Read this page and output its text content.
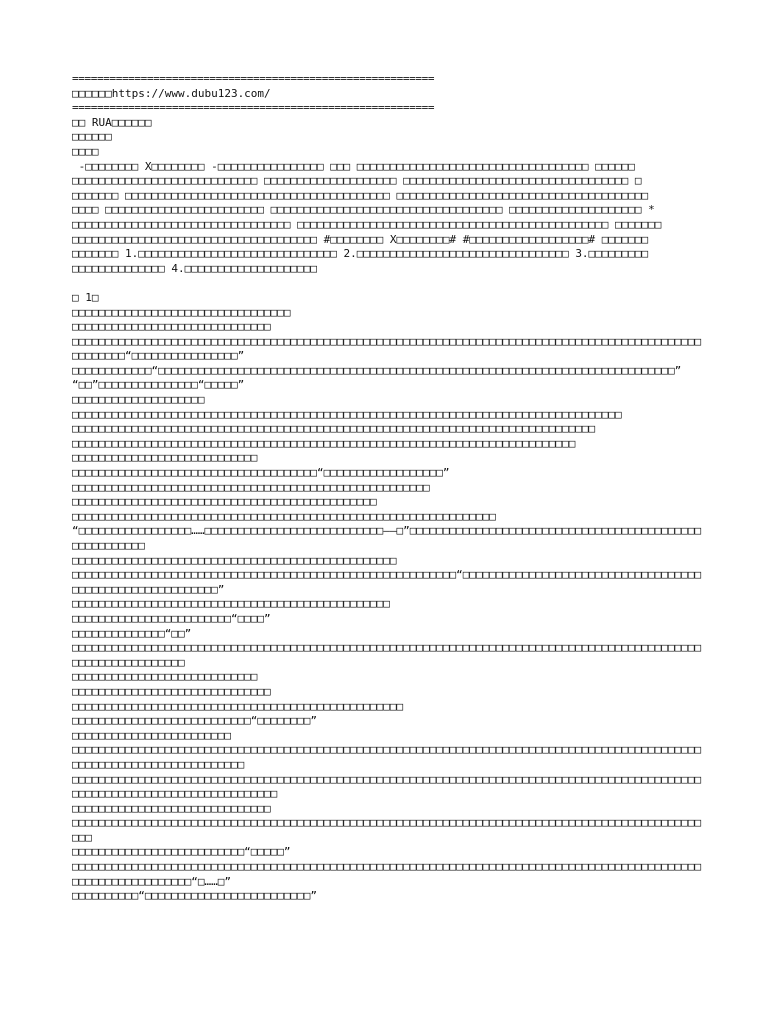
==========================================================
□□□□□□https://www.dubu123.com/
==========================================================
□□ RUA□□□□□□
□□□□□□
□□□□
-□□□□□□□□ X□□□□□□□□ -□□□□□□□□□□□□□□□□ □□□ □□□□□□□□□□□□□□□□□□□□□□□□□□□□□□□□□□□ □□□□□□
□□□□□□□□□□□□□□□□□□□□□□□□□□□□ □□□□□□□□□□□□□□□□□□□□ □□□□□□□□□□□□□□□□□□□□□□□□□□□□□□□□□□ □
□□□□□□□ □□□□□□□□□□□□□□□□□□□□□□□□□□□□□□□□□□□□□□□□ □□□□□□□□□□□□□□□□□□□□□□□□□□□□□□□□□□□□□□
□□□□ □□□□□□□□□□□□□□□□□□□□□□□□ □□□□□□□□□□□□□□□□□□□□□□□□□□□□□□□□□□□ □□□□□□□□□□□□□□□□□□□□ *
□□□□□□□□□□□□□□□□□□□□□□□□□□□□□□□□□ □□□□□□□□□□□□□□□□□□□□□□□□□□□□□□□□□□□□□□□□□□□□□□□ □□□□□□□
□□□□□□□□□□□□□□□□□□□□□□□□□□□□□□□□□□□□□ #□□□□□□□□ X□□□□□□□□# #□□□□□□□□□□□□□□□□□□# □□□□□□□
□□□□□□□ 1.□□□□□□□□□□□□□□□□□□□□□□□□□□□□□□ 2.□□□□□□□□□□□□□□□□□□□□□□□□□□□□□□□□ 3.□□□□□□□□□
□□□□□□□□□□□□□□ 4.□□□□□□□□□□□□□□□□□□□□
□ 1□
□□□□□□□□□□□□□□□□□□□□□□□□□□□□□□□□□
□□□□□□□□□□□□□□□□□□□□□□□□□□□□□□
□□□□□□□□□□□□□□□□□□□□□□□□□□□□□□□□□□□□□□□□□□□□□□□□□□□□□□□□□□□□□□□□□□□□□□□□□□□□□□□□□□□□□□□□□□□□□□□
□□□□□□□□“□□□□□□□□□□□□□□□□”
□□□□□□□□□□□□“□□□□□□□□□□□□□□□□□□□□□□□□□□□□□□□□□□□□□□□□□□□□□□□□□□□□□□□□□□□□□□□□□□□□□□□□□□□□□□”
“□□”□□□□□□□□□□□□□□□“□□□□□”
□□□□□□□□□□□□□□□□□□□□
□□□□□□□□□□□□□□□□□□□□□□□□□□□□□□□□□□□□□□□□□□□□□□□□□□□□□□□□□□□□□□□□□□□□□□□□□□□□□□□□□□□
□□□□□□□□□□□□□□□□□□□□□□□□□□□□□□□□□□□□□□□□□□□□□□□□□□□□□□□□□□□□□□□□□□□□□□□□□□□□□□□
□□□□□□□□□□□□□□□□□□□□□□□□□□□□□□□□□□□□□□□□□□□□□□□□□□□□□□□□□□□□□□□□□□□□□□□□□□□□
□□□□□□□□□□□□□□□□□□□□□□□□□□□□
□□□□□□□□□□□□□□□□□□□□□□□□□□□□□□□□□□□□□“□□□□□□□□□□□□□□□□□□”
□□□□□□□□□□□□□□□□□□□□□□□□□□□□□□□□□□□□□□□□□□□□□□□□□□□□□□
□□□□□□□□□□□□□□□□□□□□□□□□□□□□□□□□□□□□□□□□□□□□□□
□□□□□□□□□□□□□□□□□□□□□□□□□□□□□□□□□□□□□□□□□□□□□□□□□□□□□□□□□□□□□□□□
“□□□□□□□□□□□□□□□□□……□□□□□□□□□□□□□□□□□□□□□□□□□□□——□”□□□□□□□□□□□□□□□□□□□□□□□□□□□□□□□□□□□□□□□□□□□□□□□□□□□□□□□
□□□□□□□□□□□□□□□□□□□□□□□□□□□□□□□□□□□□□□□□□□□□□□□□□
□□□□□□□□□□□□□□□□□□□□□□□□□□□□□□□□□□□□□□□□□□□□□□□□□□□□□□□□□□“□□□□□□□□□□□□□□□□□□□□□□□□□□□□□□□□□□□□□□□□□□□□□□□□□□□□□□□□□□”
□□□□□□□□□□□□□□□□□□□□□□□□□□□□□□□□□□□□□□□□□□□□□□□□
□□□□□□□□□□□□□□□□□□□□□□□□“□□□□”
□□□□□□□□□□□□□□“□□”
□□□□□□□□□□□□□□□□□□□□□□□□□□□□□□□□□□□□□□□□□□□□□□□□□□□□□□□□□□□□□□□□□□□□□□□□□□□□□□□□□□□□□□□□□□□□□□□□□□□□□□□□□□□□□□□□
□□□□□□□□□□□□□□□□□□□□□□□□□□□□
□□□□□□□□□□□□□□□□□□□□□□□□□□□□□□
□□□□□□□□□□□□□□□□□□□□□□□□□□□□□□□□□□□□□□□□□□□□□□□□□□
□□□□□□□□□□□□□□□□□□□□□□□□□□□“□□□□□□□□”
□□□□□□□□□□□□□□□□□□□□□□□□
□□□□□□□□□□□□□□□□□□□□□□□□□□□□□□□□□□□□□□□□□□□□□□□□□□□□□□□□□□□□□□□□□□□□□□□□□□□□□□□□□□□□□□□□□□□□□□□□□□□□□□□□□□□□□□□□□□□□□□□□□
□□□□□□□□□□□□□□□□□□□□□□□□□□□□□□□□□□□□□□□□□□□□□□□□□□□□□□□□□□□□□□□□□□□□□□□□□□□□□□□□□□□□□□□□□□□□□□□□□□□□□□□□□□□□□□□□□□□□□□□□□□□□□□
□□□□□□□□□□□□□□□□□□□□□□□□□□□□□□
□□□□□□□□□□□□□□□□□□□□□□□□□□□□□□□□□□□□□□□□□□□□□□□□□□□□□□□□□□□□□□□□□□□□□□□□□□□□□□□□□□□□□□□□□□□□□□□□□□
□□□□□□□□□□□□□□□□□□□□□□□□□□“□□□□□”
□□□□□□□□□□□□□□□□□□□□□□□□□□□□□□□□□□□□□□□□□□□□□□□□□□□□□□□□□□□□□□□□□□□□□□□□□□□□□□□□□□□□□□□□□□□□□□□□□□□□□□□□□□□□□□□□□“□……□”
□□□□□□□□□□“□□□□□□□□□□□□□□□□□□□□□□□□□”
